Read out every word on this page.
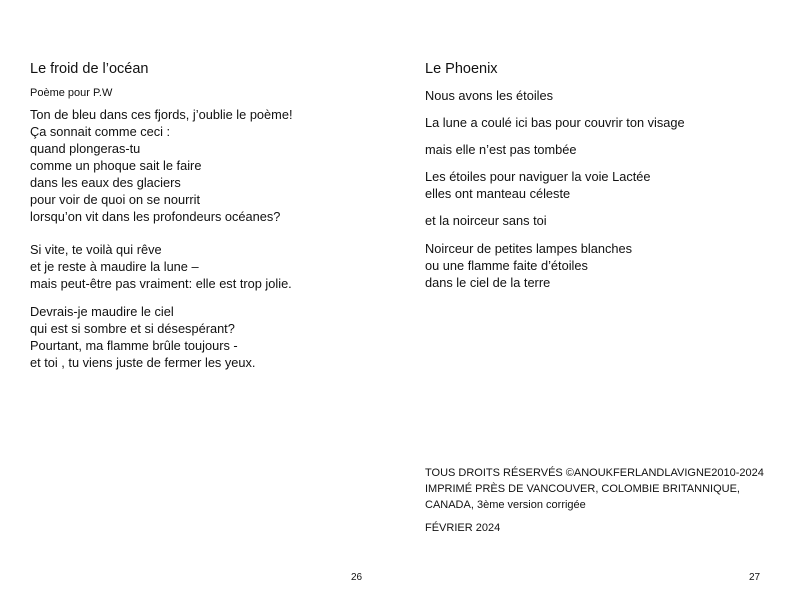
Le froid de l’océan
Poème pour P.W
Ton de bleu dans ces fjords, j’oublie le poème!
Ça sonnait comme ceci :
quand plongeras-tu
comme un phoque sait le faire
dans les eaux des glaciers
pour voir de quoi on se nourrit
lorsqu’on vit dans les profondeurs océanes?
Si vite, te voilà qui rêve
et je reste à maudire la lune –
mais peut-être pas vraiment: elle est trop jolie.
Devrais-je maudire le ciel
qui est si sombre et si désespérant?
Pourtant, ma flamme brûle toujours -
et toi , tu viens juste de fermer les yeux.
26
Le Phoenix
Nous avons les étoiles
La lune a coulé ici bas pour couvrir ton visage
mais elle n’est pas tombée
Les étoiles pour naviguer la voie Lactée
elles ont manteau céleste
et la noirceur sans toi
Noirceur de petites lampes blanches
ou une flamme faite d’étoiles
dans le ciel de la terre
TOUS DROITS RÉSERVÉS ©ANOUKFERLANDLAVIGNE2010-2024
IMPRIMÉ PRÈS DE VANCOUVER, COLOMBIE BRITANNIQUE,
CANADA, 3ème version corrigée
FÉVRIER 2024
27
